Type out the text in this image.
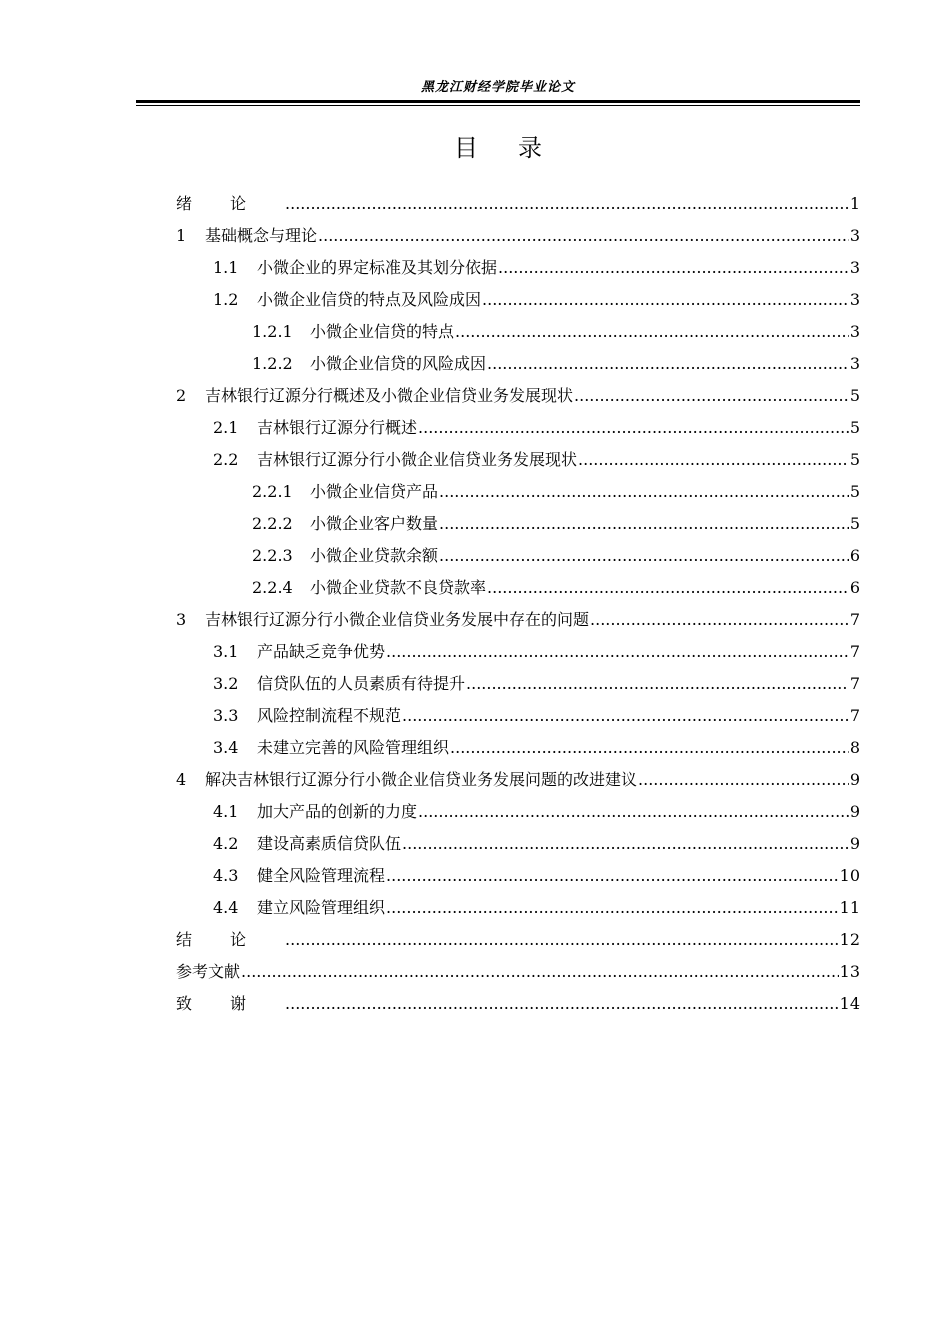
黑龙江财经学院毕业论文
目录
绪论 .....	1
1	基础概念与理论 .....	3
1.1	小微企业的界定标准及其划分依据 .....	3
1.2	小微企业信贷的特点及风险成因 .....	3
1.2.1	小微企业信贷的特点 .....	3
1.2.2	小微企业信贷的风险成因 .....	3
2	吉林银行辽源分行概述及小微企业信贷业务发展现状 .....	5
2.1	吉林银行辽源分行概述 .....	5
2.2	吉林银行辽源分行小微企业信贷业务发展现状 .....	5
2.2.1	小微企业信贷产品 .....	5
2.2.2	小微企业客户数量 .....	5
2.2.3	小微企业贷款余额 .....	6
2.2.4	小微企业贷款不良贷款率 .....	6
3	吉林银行辽源分行小微企业信贷业务发展中存在的问题 .....	7
3.1	产品缺乏竞争优势 .....	7
3.2	信贷队伍的人员素质有待提升 .....	7
3.3	风险控制流程不规范 .....	7
3.4	未建立完善的风险管理组织 .....	8
4	解决吉林银行辽源分行小微企业信贷业务发展问题的改进建议 .....	9
4.1	加大产品的创新的力度 .....	9
4.2	建设高素质信贷队伍 .....	9
4.3	健全风险管理流程 .....	10
4.4	建立风险管理组织 .....	11
结论 .....	12
参考文献 .....	13
致谢 .....	14
